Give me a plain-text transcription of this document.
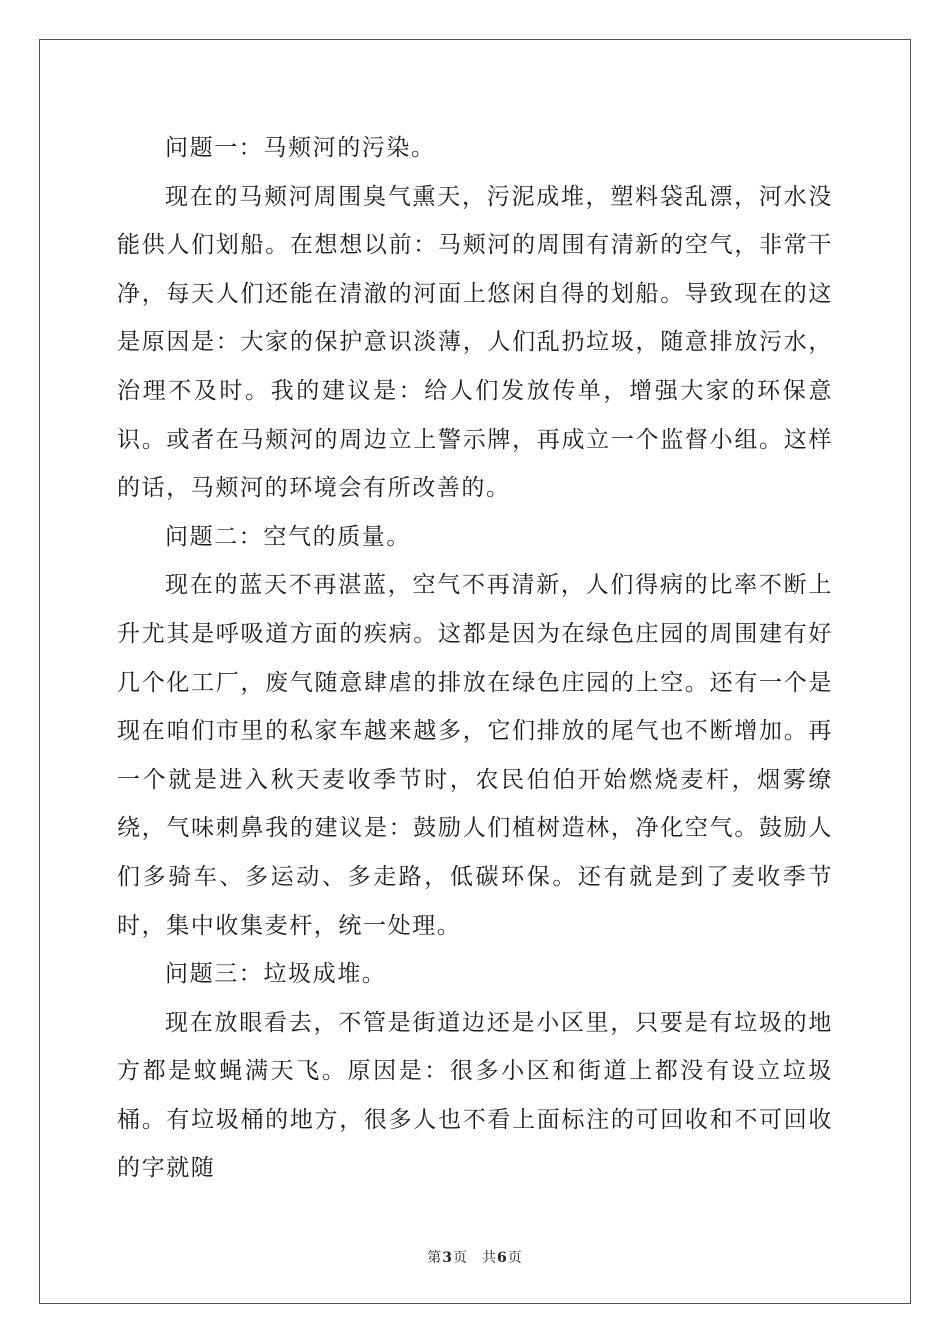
问题一：马颊河的污染。

现在的马颊河周围臭气熏天，污泥成堆，塑料袋乱漂，河水没能供人们划船。在想想以前：马颊河的周围有清新的空气，非常干净，每天人们还能在清澈的河面上悠闲自得的划船。导致现在的这是原因是：大家的保护意识淡薄，人们乱扔垃圾，随意排放污水，治理不及时。我的建议是：给人们发放传单，增强大家的环保意识。或者在马颊河的周边立上警示牌，再成立一个监督小组。这样的话，马颊河的环境会有所改善的。

问题二：空气的质量。

现在的蓝天不再湛蓝，空气不再清新，人们得病的比率不断上升尤其是呼吸道方面的疾病。这都是因为在绿色庄园的周围建有好几个化工厂，废气随意肆虐的排放在绿色庄园的上空。还有一个是现在咱们市里的私家车越来越多，它们排放的尾气也不断增加。再一个就是进入秋天麦收季节时，农民伯伯开始燃烧麦杆，烟雾缭绕，气味刺鼻我的建议是：鼓励人们植树造林，净化空气。鼓励人们多骑车、多运动、多走路，低碳环保。还有就是到了麦收季节时，集中收集麦杆，统一处理。

问题三：垃圾成堆。

现在放眼看去，不管是街道边还是小区里，只要是有垃圾的地方都是蚊蝇满天飞。原因是：很多小区和街道上都没有设立垃圾桶。有垃圾桶的地方，很多人也不看上面标注的可回收和不可回收的字就随

第3页 共6页
